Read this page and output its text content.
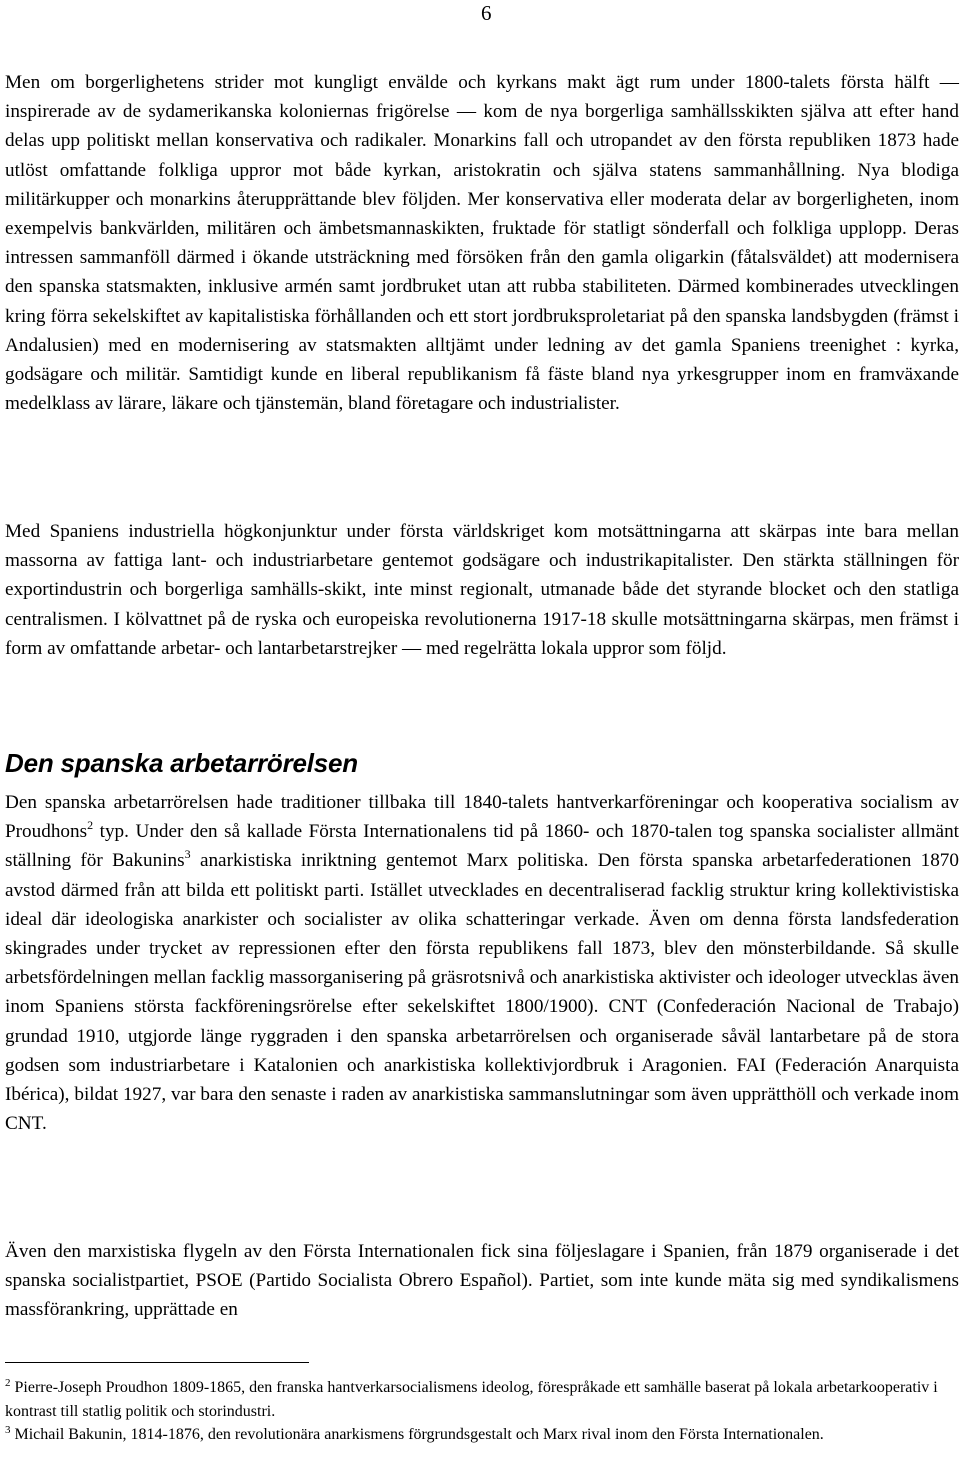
6

Men om borgerlighetens strider mot kungligt envälde och kyrkans makt ägt rum under 1800-talets första hälft — inspirerade av de sydamerikanska koloniernas frigörelse — kom de nya borgerliga samhällsskikten själva att efter hand delas upp politiskt mellan konservativa och radikaler. Monarkins fall och utropandet av den första republiken 1873 hade utlöst omfattande folkliga uppror mot både kyrkan, aristokratin och själva statens sammanhållning. Nya blodiga militärkupper och monarkins återupprättande blev följden. Mer konservativa eller moderata delar av borgerligheten, inom exempelvis bankvärlden, militären och ämbetsmannaskikten, fruktade för statligt sönderfall och folkliga upplopp. Deras intressen sammanföll därmed i ökande utsträckning med försöken från den gamla oligarkin (fåtalsväldet) att modernisera den spanska statsmakten, inklusive armén samt jordbruket utan att rubba stabiliteten. Därmed kombinerades utvecklingen kring förra sekelskiftet av kapitalistiska förhållanden och ett stort jordbruksproletariat på den spanska landsbygden (främst i Andalusien) med en modernisering av statsmakten alltjämt under ledning av det gamla Spaniens treenighet : kyrka, godsägare och militär. Samtidigt kunde en liberal republikanism få fäste bland nya yrkesgrupper inom en framväxande medelklass av lärare, läkare och tjänstemän, bland företagare och industrialister.

Med Spaniens industriella högkonjunktur under första världskriget kom motsättningarna att skärpas inte bara mellan massorna av fattiga lant- och industriarbetare gentemot godsägare och industrikapitalister. Den stärkta ställningen för exportindustrin och borgerliga samhälls-skikt, inte minst regionalt, utmanade både det styrande blocket och den statliga centralismen. I kölvattnet på de ryska och europeiska revolutionerna 1917-18 skulle motsättningarna skärpas, men främst i form av omfattande arbetar- och lantarbetarstrejker — med regelrätta lokala uppror som följd.

Den spanska arbetarrörelsen

Den spanska arbetarrörelsen hade traditioner tillbaka till 1840-talets hantverkarföreningar och kooperativa socialism av Proudhons$^2$ typ. Under den så kallade Första Internationalens tid på 1860- och 1870-talen tog spanska socialister allmänt ställning för Bakunins$^3$ anarkistiska inriktning gentemot Marx politiska. Den första spanska arbetarfederationen 1870 avstod därmed från att bilda ett politiskt parti. Istället utvecklades en decentraliserad facklig struktur kring kollektivistiska ideal där ideologiska anarkister och socialister av olika schatteringar verkade. Även om denna första landsfederation skingrades under trycket av repressionen efter den första republikens fall 1873, blev den mönsterbildande. Så skulle arbetsfördelningen mellan facklig massorganisering på gräsrotsnivå och anarkistiska aktivister och ideologer utvecklas även inom Spaniens största fackföreningsrörelse efter sekelskiftet 1800/1900). CNT (Confederación Nacional de Trabajo) grundad 1910, utgjorde länge ryggraden i den spanska arbetarrörelsen och organiserade såväl lantarbetare på de stora godsen som industriarbetare i Katalonien och anarkistiska kollektivjordbruk i Aragonien. FAI (Federación Anarquista Ibérica), bildat 1927, var bara den senaste i raden av anarkistiska sammanslutningar som även upprätthöll och verkade inom CNT.

Även den marxistiska flygeln av den Första Internationalen fick sina följeslagare i Spanien, från 1879 organiserade i det spanska socialistpartiet, PSOE (Partido Socialista Obrero Español). Partiet, som inte kunde mäta sig med syndikalismens massförankring, upprättade en

$^2$ Pierre-Joseph Proudhon 1809-1865, den franska hantverkarsocialismens ideolog, förespråkade ett samhälle baserat på lokala arbetarkooperativ i kontrast till statlig politik och storindustri.

$^3$ Michail Bakunin, 1814-1876, den revolutionära anarkismens förgrundsgestalt och Marx rival inom den Första Internationalen.
